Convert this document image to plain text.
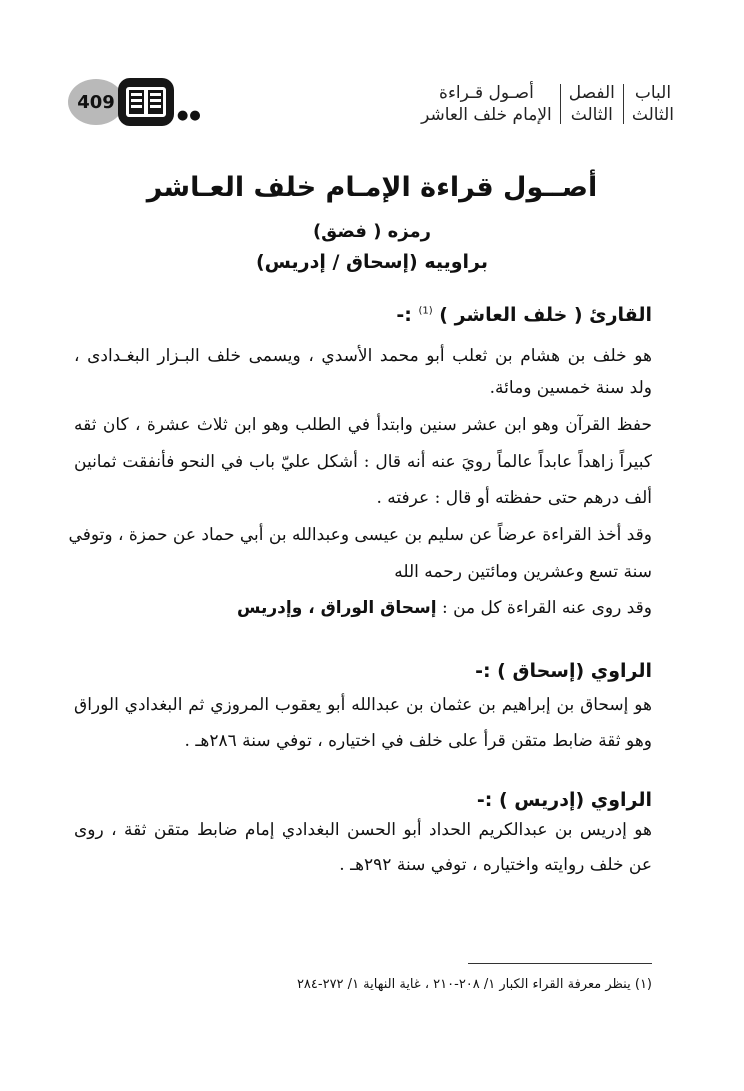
الباب
الثالث
الفصل
الثالث
أصـول قـراءة
الإمام خلف العاشر
409
●●
أصــول قراءة الإمـام خلف العـاشر
رمزه ( فضق)
براوييه (إسحاق / إدريس)
القارئ ( خلف العاشر ) $^{(1)}$ :-
هو خلف بن هشام بن ثعلب أبو محمد الأسدي ، ويسمى خلف البـزار البغـدادى ،
ولد سنة خمسين ومائة.
حفظ القرآن وهو ابن عشر سنين وابتدأ في الطلب وهو ابن ثلاث عشرة ، كان ثقه
كبيراً زاهداً عابداً عالماً رويَ عنه أنه قال : أشكل عليّ باب في النحو فأنفقت ثمانين
ألف درهم حتى حفظته أو قال : عرفته .
وقد أخذ القراءة عرضاً عن سليم بن عيسى وعبدالله بن أبي حماد عن حمزة ، وتوفي
سنة تسع وعشرين ومائتين رحمه الله
وقد روى عنه القراءة كل من : إسحاق الوراق ، وإدريس
الراوي (إسحاق ) :-
هو إسحاق بن إبراهيم بن عثمان بن عبدالله أبو يعقوب المروزي ثم البغدادي الوراق
وهو ثقة ضابط متقن قرأ على خلف في اختياره ، توفي سنة ٢٨٦هـ .
الراوي (إدريس ) :-
هو إدريس بن عبدالكريم الحداد أبو الحسن البغدادي إمام ضابط متقن ثقة ، روى
عن خلف روايته واختياره ، توفي سنة ٢٩٢هـ .
(١) ينظر معرفة القراء الكبار ١/ ٢٠٨-٢١٠ ، غاية النهاية ١/ ٢٧٢-٢٨٤
